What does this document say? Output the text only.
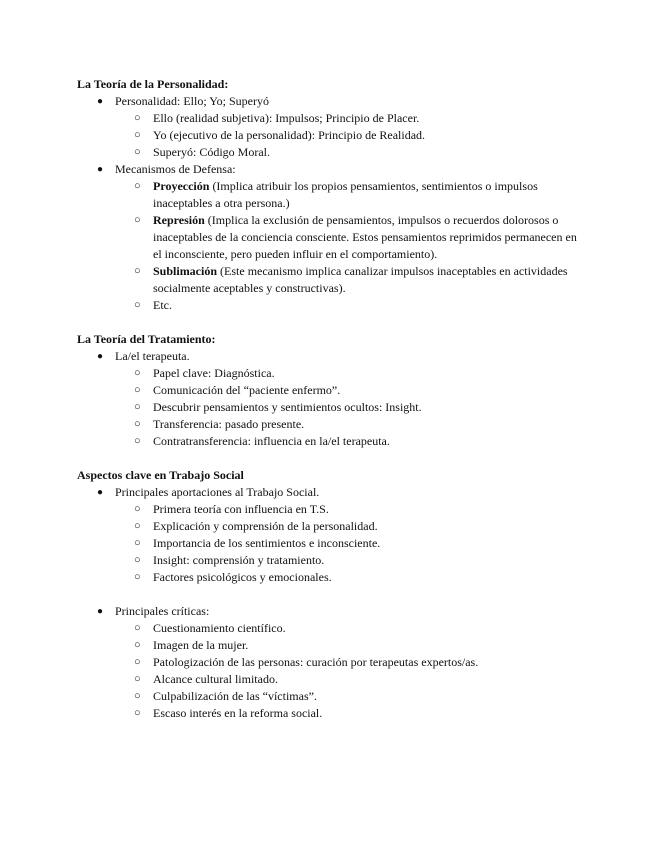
La Teoría de la Personalidad:

● Personalidad: Ello; Yo; Superyó
○ Ello (realidad subjetiva): Impulsos; Principio de Placer.
○ Yo (ejecutivo de la personalidad): Principio de Realidad.
○ Superyó: Código Moral.
● Mecanismos de Defensa:
○ Proyección (Implica atribuir los propios pensamientos, sentimientos o impulsos inaceptables a otra persona.)
○ Represión (Implica la exclusión de pensamientos, impulsos o recuerdos dolorosos o inaceptables de la conciencia consciente. Estos pensamientos reprimidos permanecen en el inconsciente, pero pueden influir en el comportamiento).
○ Sublimación (Este mecanismo implica canalizar impulsos inaceptables en actividades socialmente aceptables y constructivas).
○ Etc.

La Teoría del Tratamiento:

● La/el terapeuta.
○ Papel clave: Diagnóstica.
○ Comunicación del “paciente enfermo”.
○ Descubrir pensamientos y sentimientos ocultos: Insight.
○ Transferencia: pasado presente.
○ Contratransferencia: influencia en la/el terapeuta.

Aspectos clave en Trabajo Social

● Principales aportaciones al Trabajo Social.
○ Primera teoría con influencia en T.S.
○ Explicación y comprensión de la personalidad.
○ Importancia de los sentimientos e inconsciente.
○ Insight: comprensión y tratamiento.
○ Factores psicológicos y emocionales.
● Principales críticas:
○ Cuestionamiento científico.
○ Imagen de la mujer.
○ Patologización de las personas: curación por terapeutas expertos/as.
○ Alcance cultural limitado.
○ Culpabilización de las “víctimas”.
○ Escaso interés en la reforma social.
